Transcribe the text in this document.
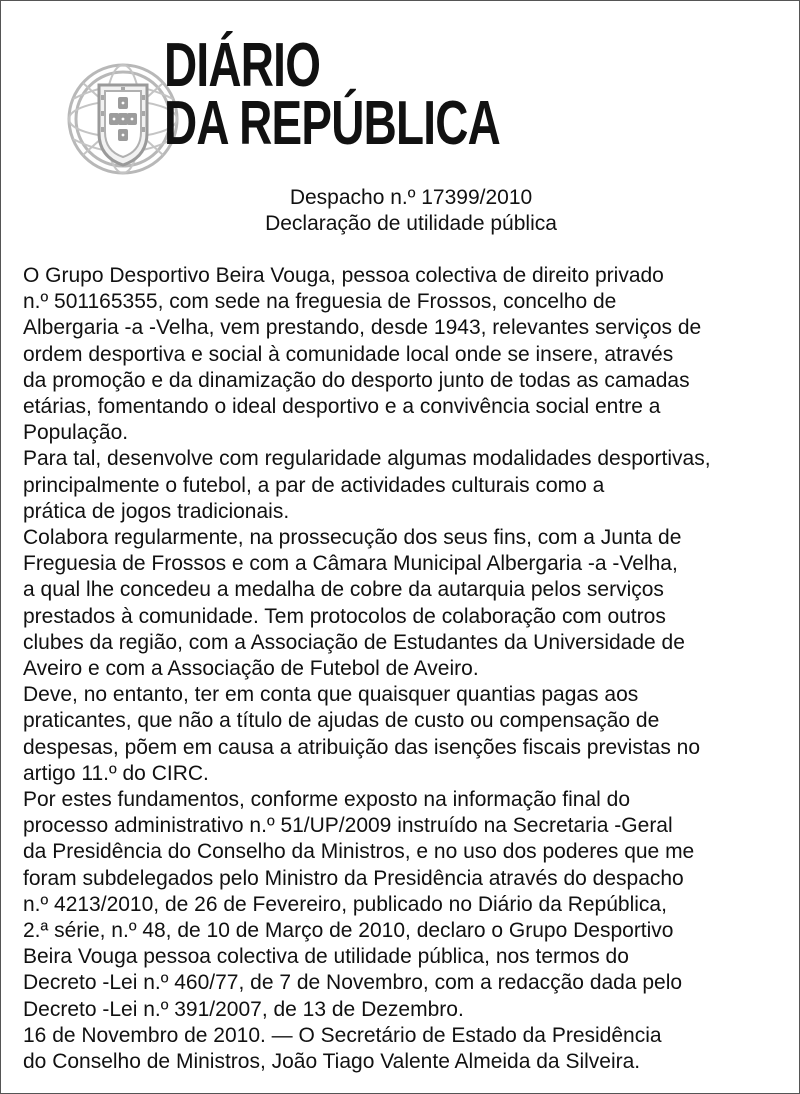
DIÁRIO
DA REPÚBLICA
Despacho n.º 17399/2010
Declaração de utilidade pública
O Grupo Desportivo Beira Vouga, pessoa colectiva de direito privado
n.º 501165355, com sede na freguesia de Frossos, concelho de
Albergaria -a -Velha, vem prestando, desde 1943, relevantes serviços de
ordem desportiva e social à comunidade local onde se insere, através
da promoção e da dinamização do desporto junto de todas as camadas
etárias, fomentando o ideal desportivo e a convivência social entre a
População.
Para tal, desenvolve com regularidade algumas modalidades desportivas,
principalmente o futebol, a par de actividades culturais como a
prática de jogos tradicionais.
Colabora regularmente, na prossecução dos seus fins, com a Junta de
Freguesia de Frossos e com a Câmara Municipal Albergaria -a -Velha,
a qual lhe concedeu a medalha de cobre da autarquia pelos serviços
prestados à comunidade. Tem protocolos de colaboração com outros
clubes da região, com a Associação de Estudantes da Universidade de
Aveiro e com a Associação de Futebol de Aveiro.
Deve, no entanto, ter em conta que quaisquer quantias pagas aos
praticantes, que não a título de ajudas de custo ou compensação de
despesas, põem em causa a atribuição das isenções fiscais previstas no
artigo 11.º do CIRC.
Por estes fundamentos, conforme exposto na informação final do
processo administrativo n.º 51/UP/2009 instruído na Secretaria -Geral
da Presidência do Conselho da Ministros, e no uso dos poderes que me
foram subdelegados pelo Ministro da Presidência através do despacho
n.º 4213/2010, de 26 de Fevereiro, publicado no Diário da República,
2.ª série, n.º 48, de 10 de Março de 2010, declaro o Grupo Desportivo
Beira Vouga pessoa colectiva de utilidade pública, nos termos do
Decreto -Lei n.º 460/77, de 7 de Novembro, com a redacção dada pelo
Decreto -Lei n.º 391/2007, de 13 de Dezembro.
16 de Novembro de 2010. — O Secretário de Estado da Presidência
do Conselho de Ministros, João Tiago Valente Almeida da Silveira.
